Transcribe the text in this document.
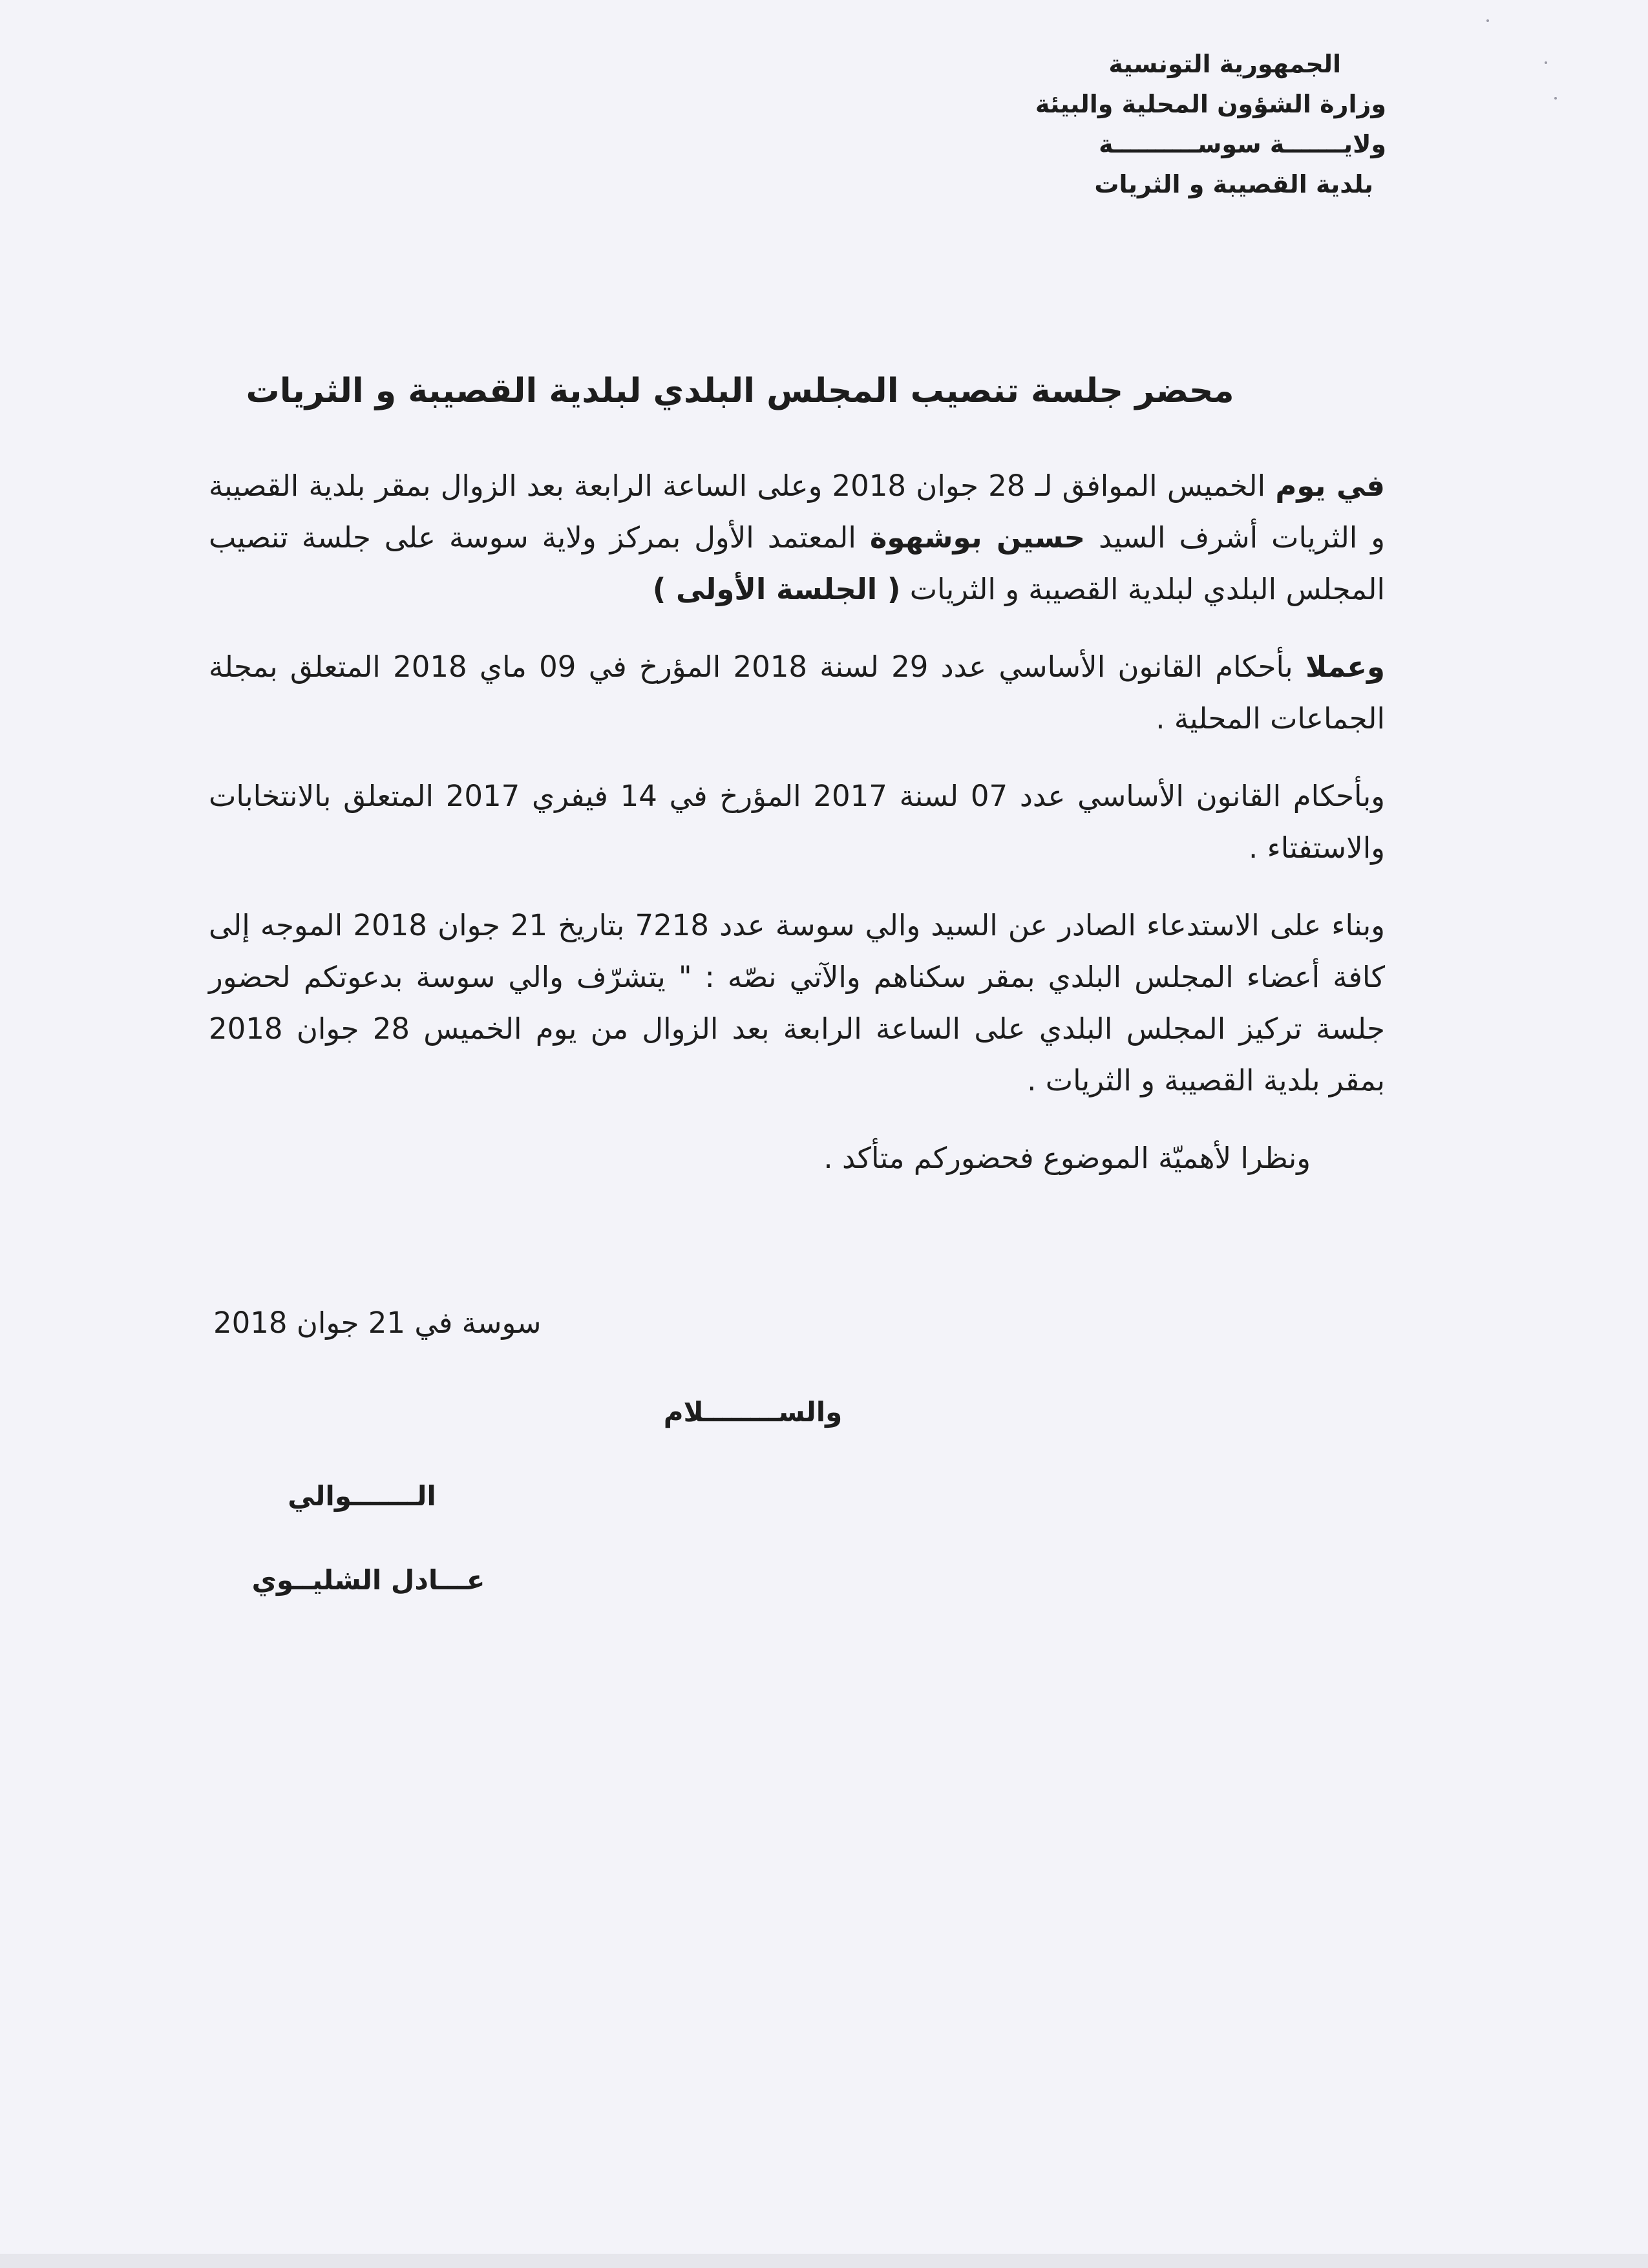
الجمهورية التونسية
وزارة الشؤون المحلية والبيئة
ولايـــــــة سوســــــــــة
بلدية القصيبة و الثريات
محضر جلسة تنصيب المجلس البلدي لبلدية القصيبة و الثريات

في يوم الخميس الموافق لـ 28 جوان 2018 وعلى الساعة الرابعة بعد الزوال بمقر بلدية القصيبة و الثريات أشرف السيد حسين بوشهوة المعتمد الأول بمركز ولاية سوسة على جلسة تنصيب المجلس البلدي لبلدية القصيبة و الثريات ( الجلسة الأولى )

وعملا بأحكام القانون الأساسي عدد 29 لسنة 2018 المؤرخ في 09 ماي 2018 المتعلق بمجلة الجماعات المحلية .

وبأحكام القانون الأساسي عدد 07 لسنة 2017 المؤرخ في 14 فيفري 2017 المتعلق بالانتخابات والاستفتاء .

وبناء على الاستدعاء الصادر عن السيد والي سوسة عدد 7218 بتاريخ 21 جوان 2018 الموجه إلى كافة أعضاء المجلس البلدي بمقر سكناهم والآتي نصّه : " يتشرّف والي سوسة بدعوتكم لحضور جلسة تركيز المجلس البلدي على الساعة الرابعة بعد الزوال من يوم الخميس 28 جوان 2018 بمقر بلدية القصيبة و الثريات .

ونظرا لأهميّة الموضوع فحضوركم متأكد .

سوسة في 21 جوان 2018
والســــــــلام
الـــــــوالي
عـــادل الشليــوي
